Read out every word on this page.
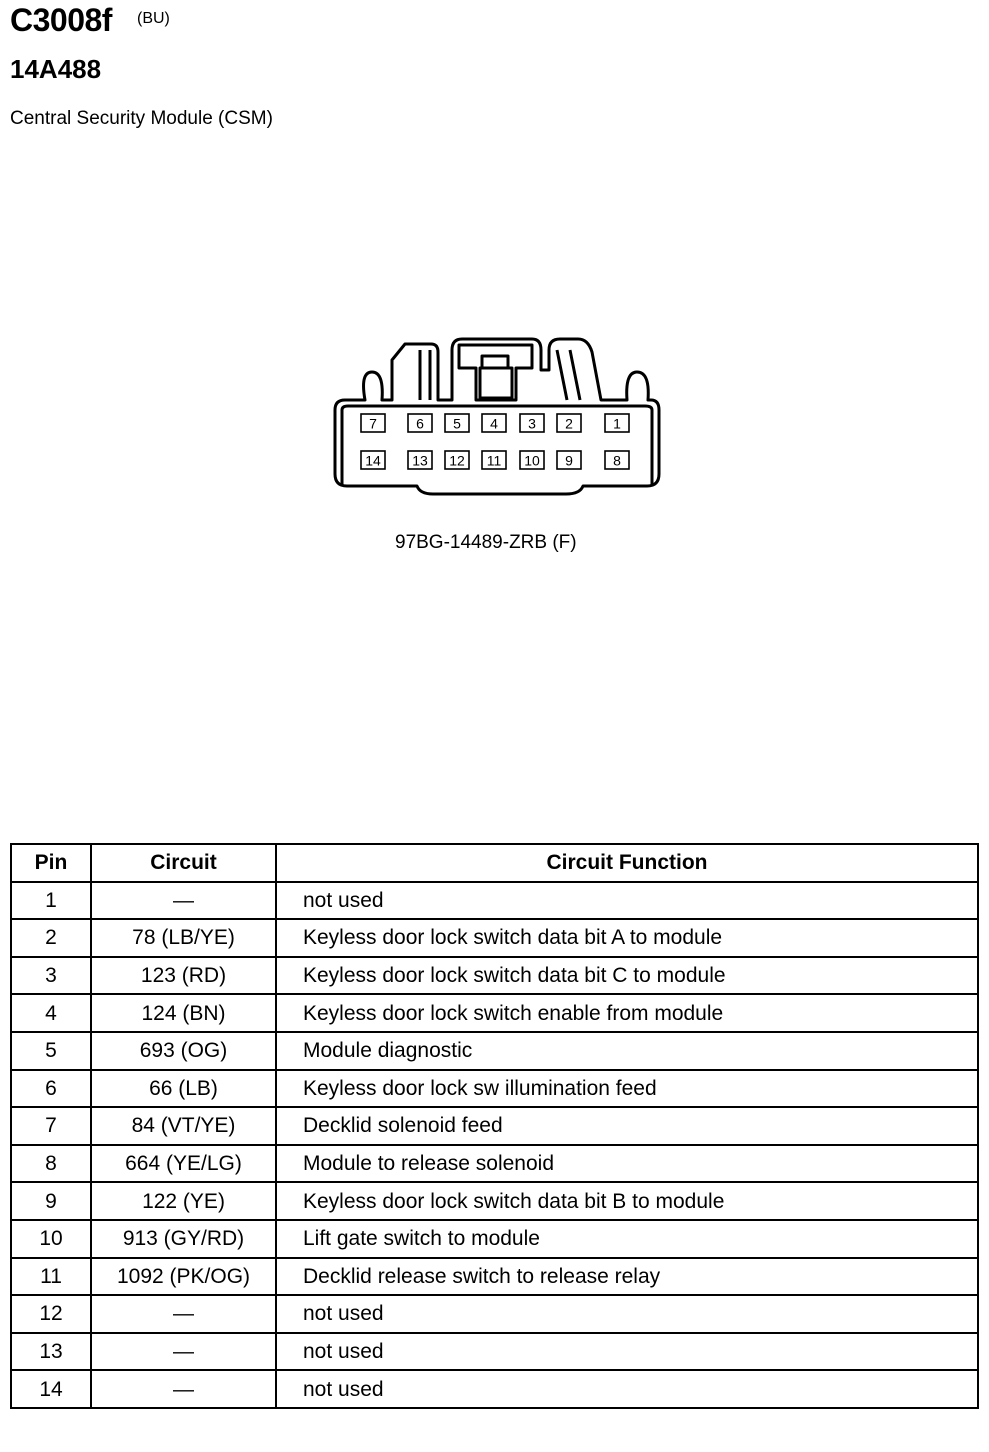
C3008f (BU)
14A488
Central Security Module (CSM)
7	6 5 4 3 2	1
14 13 12 11 10 9	8
97BG-14489-ZRB (F)
Pin	Circuit	Circuit Function
1	—	not used
2	78 (LB/YE)	Keyless door lock switch data bit A to module
3	123 (RD)	Keyless door lock switch data bit C to module
4	124 (BN)	Keyless door lock switch enable from module
5	693 (OG)	Module diagnostic
6	66 (LB)	Keyless door lock sw illumination feed
7	84 (VT/YE)	Decklid solenoid feed
8	664 (YE/LG)	Module to release solenoid
9	122 (YE)	Keyless door lock switch data bit B to module
10	913 (GY/RD)	Lift gate switch to module
11	1092 (PK/OG)	Decklid release switch to release relay
12	—	not used
13	—	not used
14	—	not used
